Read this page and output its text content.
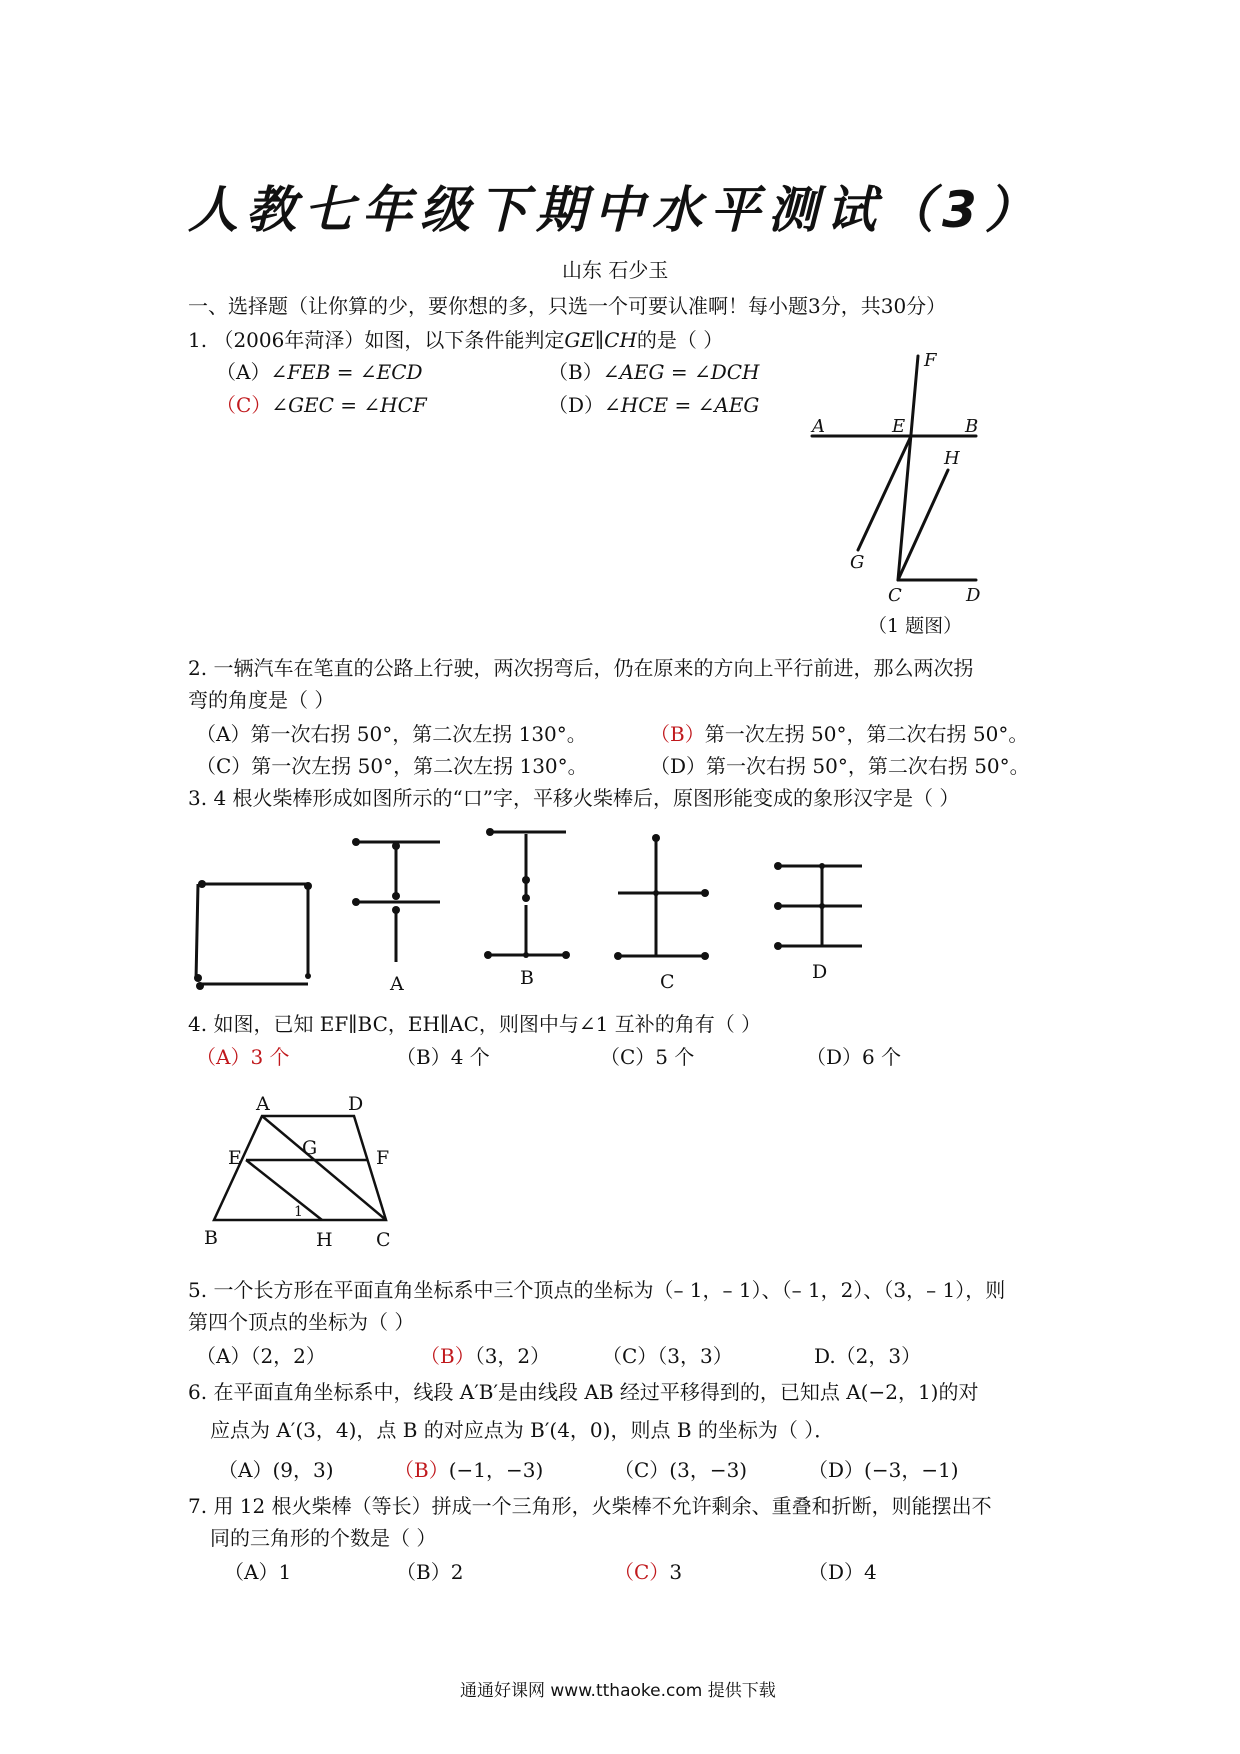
人教七年级下期中水平测试（3）
山东 石少玉
一、选择题（让你算的少，要你想的多，只选一个可要认准啊！每小题3分，共30分）
1. （2006年菏泽）如图，以下条件能判定GE∥CH的是（ ）
（A）∠FEB = ∠ECD	（B）∠AEG = ∠DCH
（C）∠GEC = ∠HCF	（D）∠HCE = ∠AEG
A	E	B
F
H
G
C	D
（1 题图）
2. 一辆汽车在笔直的公路上行驶，两次拐弯后，仍在原来的方向上平行前进，那么两次拐
弯的角度是（ ）
（A）第一次右拐 50°，第二次左拐 130°。	（B）第一次左拐 50°，第二次右拐 50°。
（C）第一次左拐 50°，第二次左拐 130°。	（D）第一次右拐 50°，第二次右拐 50°。
3. 4 根火柴棒形成如图所示的“口”字，平移火柴棒后，原图形能变成的象形汉字是（ ）
A	B	C	D
4. 如图，已知 EF∥BC，EH∥AC，则图中与∠1 互补的角有（ ）
（A）3 个	（B）4 个	（C）5 个	（D）6 个
A	D
E	G	F
B	H C
1
5. 一个长方形在平面直角坐标系中三个顶点的坐标为（– 1，– 1）、（– 1，2）、（3，– 1），则
第四个顶点的坐标为（ ）
（A）（2，2）	（B）（3，2）	（C）（3，3）	D.（2，3）
6. 在平面直角坐标系中，线段 A′B′是由线段 AB 经过平移得到的，已知点 A(−2，1)的对
应点为 A′(3，4)，点 B 的对应点为 B′(4，0)，则点 B 的坐标为（ ）．
（A）(9，3)	（B）(−1，−3)	（C）(3，−3)	（D）(−3，−1)
7. 用 12 根火柴棒（等长）拼成一个三角形，火柴棒不允许剩余、重叠和折断，则能摆出不
同的三角形的个数是（ ）
（A）1	（B）2	（C）3	（D）4
通通好课网 www.tthaoke.com 提供下载
